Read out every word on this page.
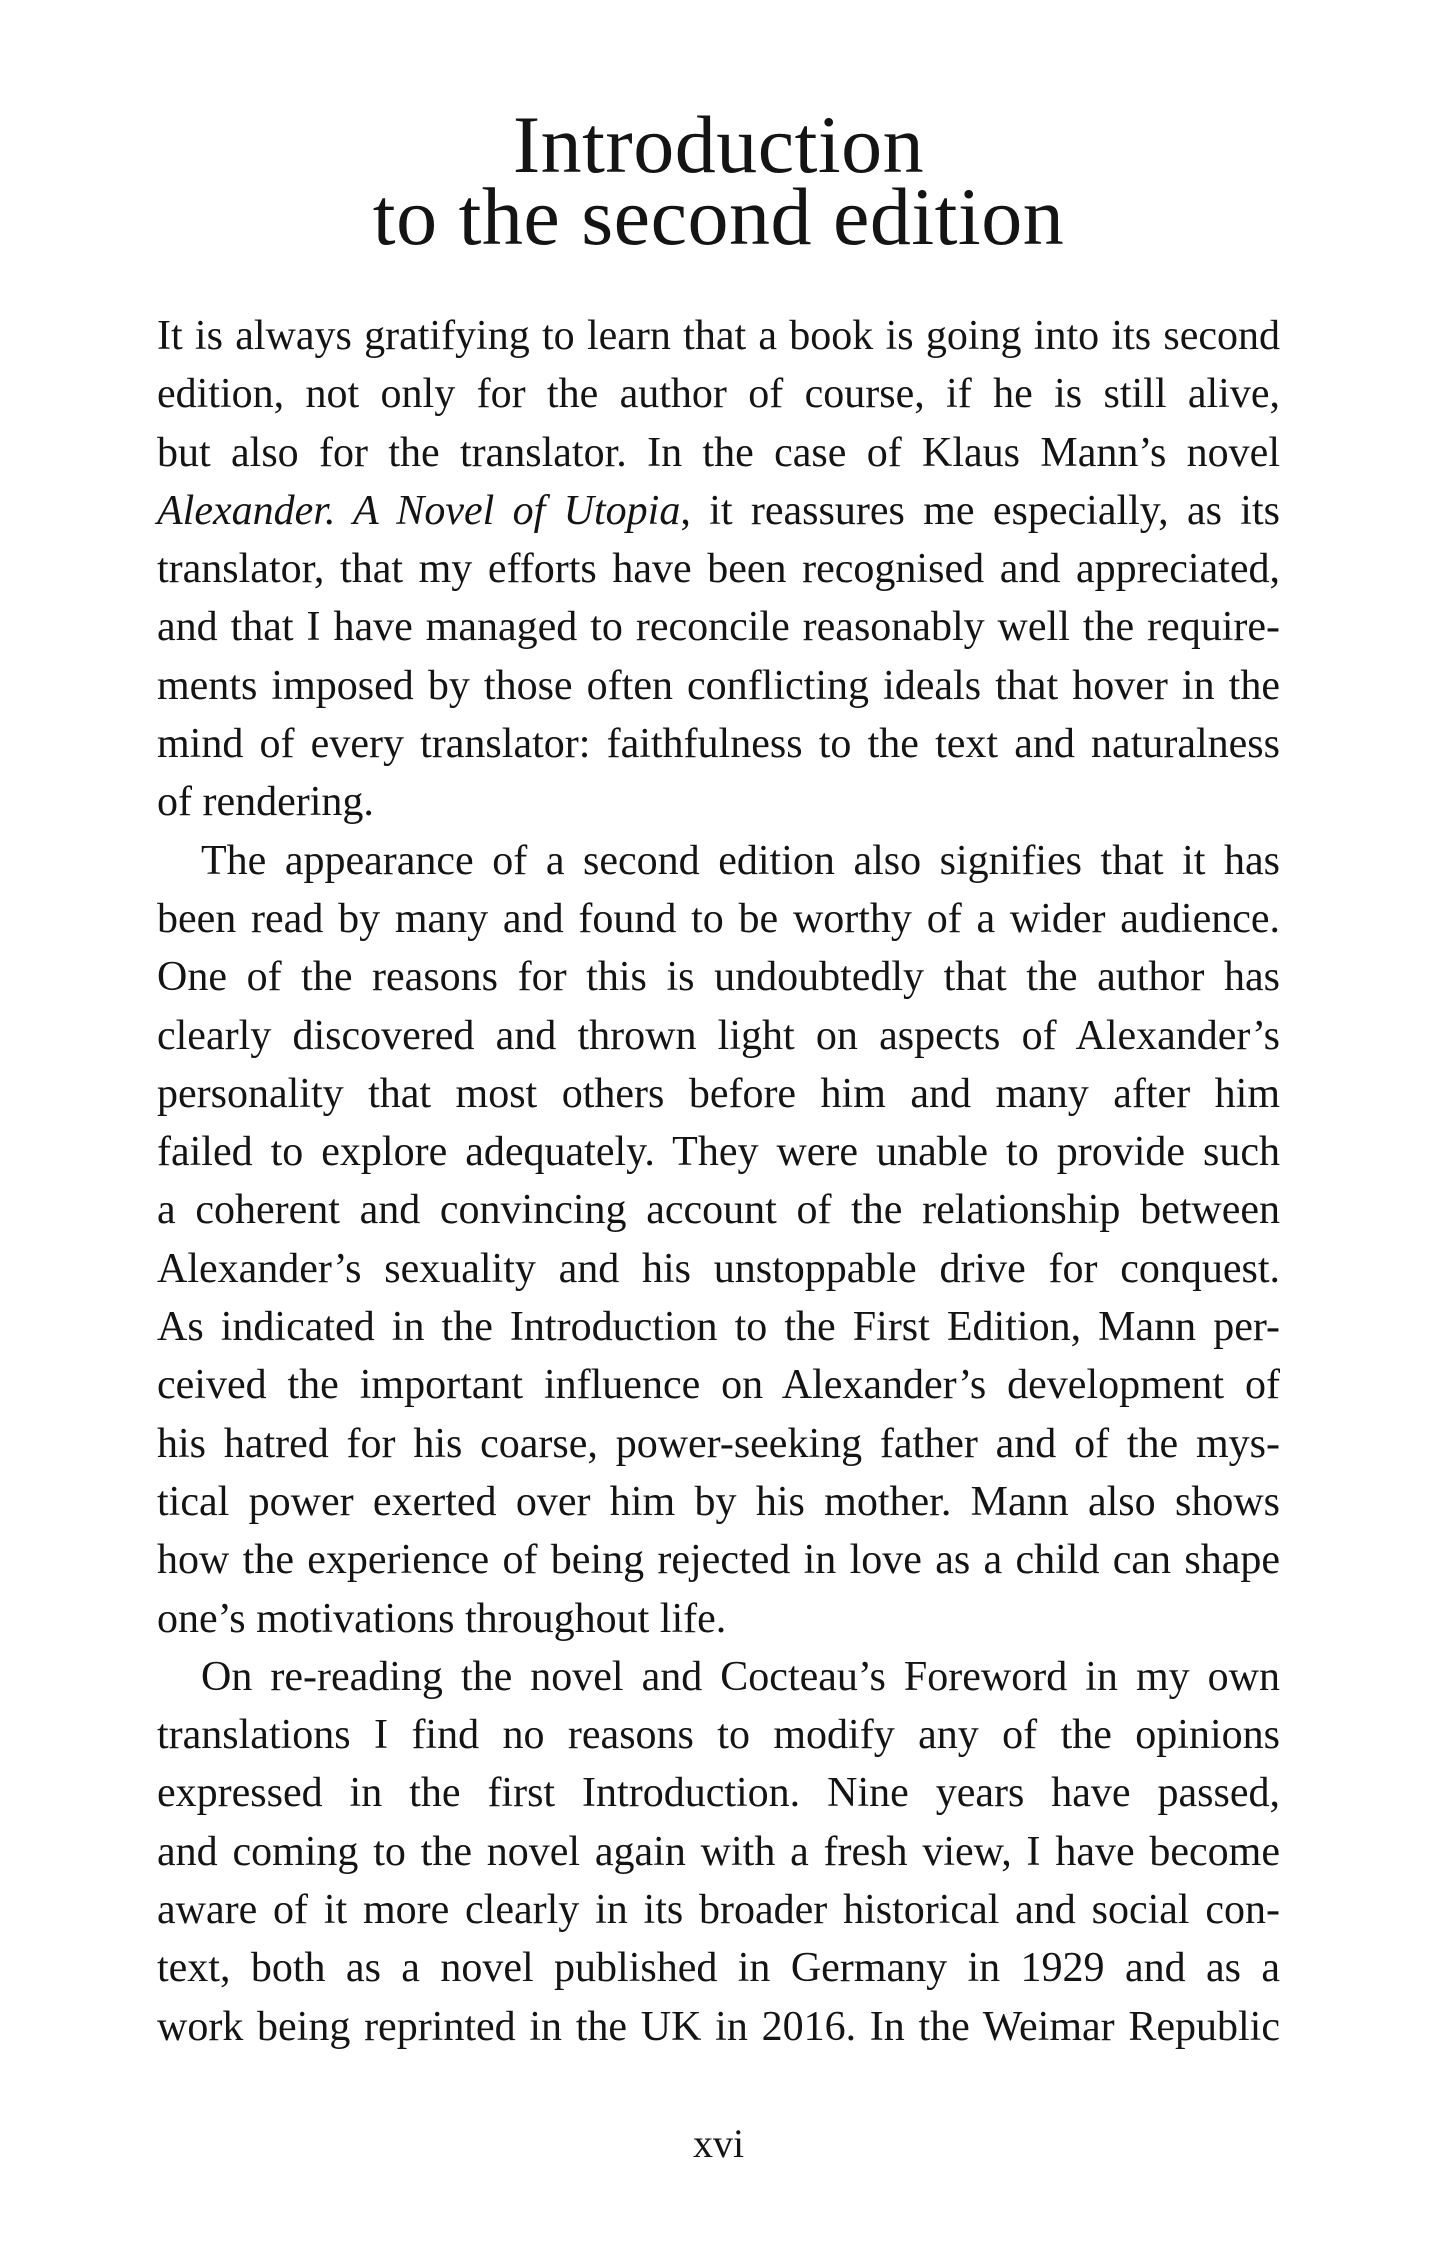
Introduction
to the second edition
It is always gratifying to learn that a book is going into its second
edition, not only for the author of course, if he is still alive,
but also for the translator. In the case of Klaus Mann’s novel
Alexander. A Novel of Utopia, it reassures me especially, as its
translator, that my efforts have been recognised and appreciated,
and that I have managed to reconcile reasonably well the require-
ments imposed by those often conflicting ideals that hover in the
mind of every translator: faithfulness to the text and naturalness
of rendering.
The appearance of a second edition also signifies that it has
been read by many and found to be worthy of a wider audience.
One of the reasons for this is undoubtedly that the author has
clearly discovered and thrown light on aspects of Alexander’s
personality that most others before him and many after him
failed to explore adequately. They were unable to provide such
a coherent and convincing account of the relationship between
Alexander’s sexuality and his unstoppable drive for conquest.
As indicated in the Introduction to the First Edition, Mann per-
ceived the important influence on Alexander’s development of
his hatred for his coarse, power-seeking father and of the mys-
tical power exerted over him by his mother. Mann also shows
how the experience of being rejected in love as a child can shape
one’s motivations throughout life.
On re-reading the novel and Cocteau’s Foreword in my own
translations I find no reasons to modify any of the opinions
expressed in the first Introduction. Nine years have passed,
and coming to the novel again with a fresh view, I have become
aware of it more clearly in its broader historical and social con-
text, both as a novel published in Germany in 1929 and as a
work being reprinted in the UK in 2016. In the Weimar Republic
xvi
